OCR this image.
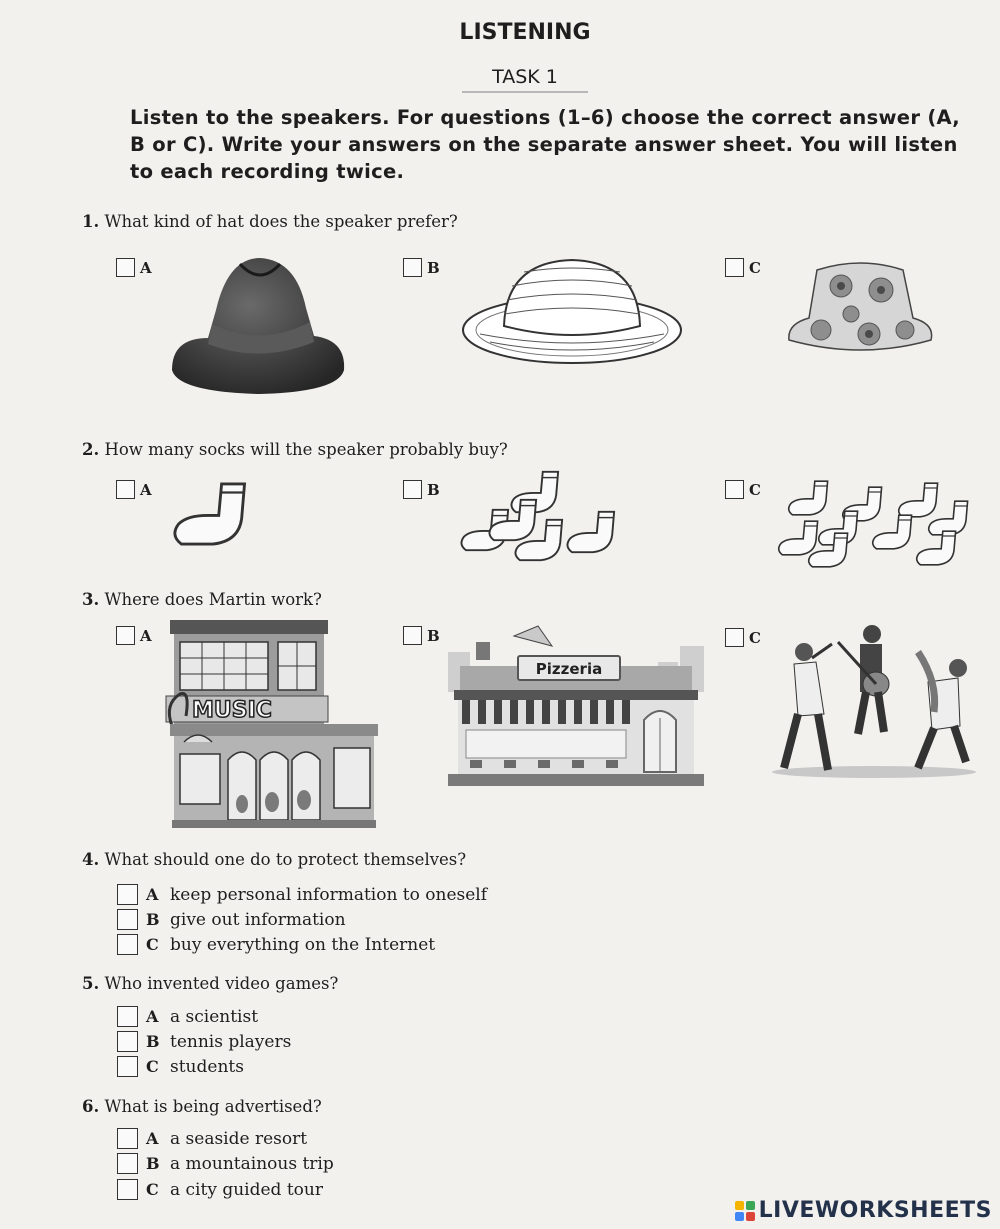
LISTENING
TASK 1
Listen to the speakers. For questions (1–6) choose the correct answer (A, B or C). Write your answers on the separate answer sheet. You will listen to each recording twice.
1. What kind of hat does the speaker prefer?
A	B	C
2. How many socks will the speaker probably buy?
A	B	C
3. Where does Martin work?
A	B	C
MUSIC
Pizzeria
4. What should one do to protect themselves?
A keep personal information to oneself
B give out information
C buy everything on the Internet
5. Who invented video games?
A a scientist
B tennis players
C students
6. What is being advertised?
A a seaside resort
B a mountainous trip
C a city guided tour
LIVEWORKSHEETS
